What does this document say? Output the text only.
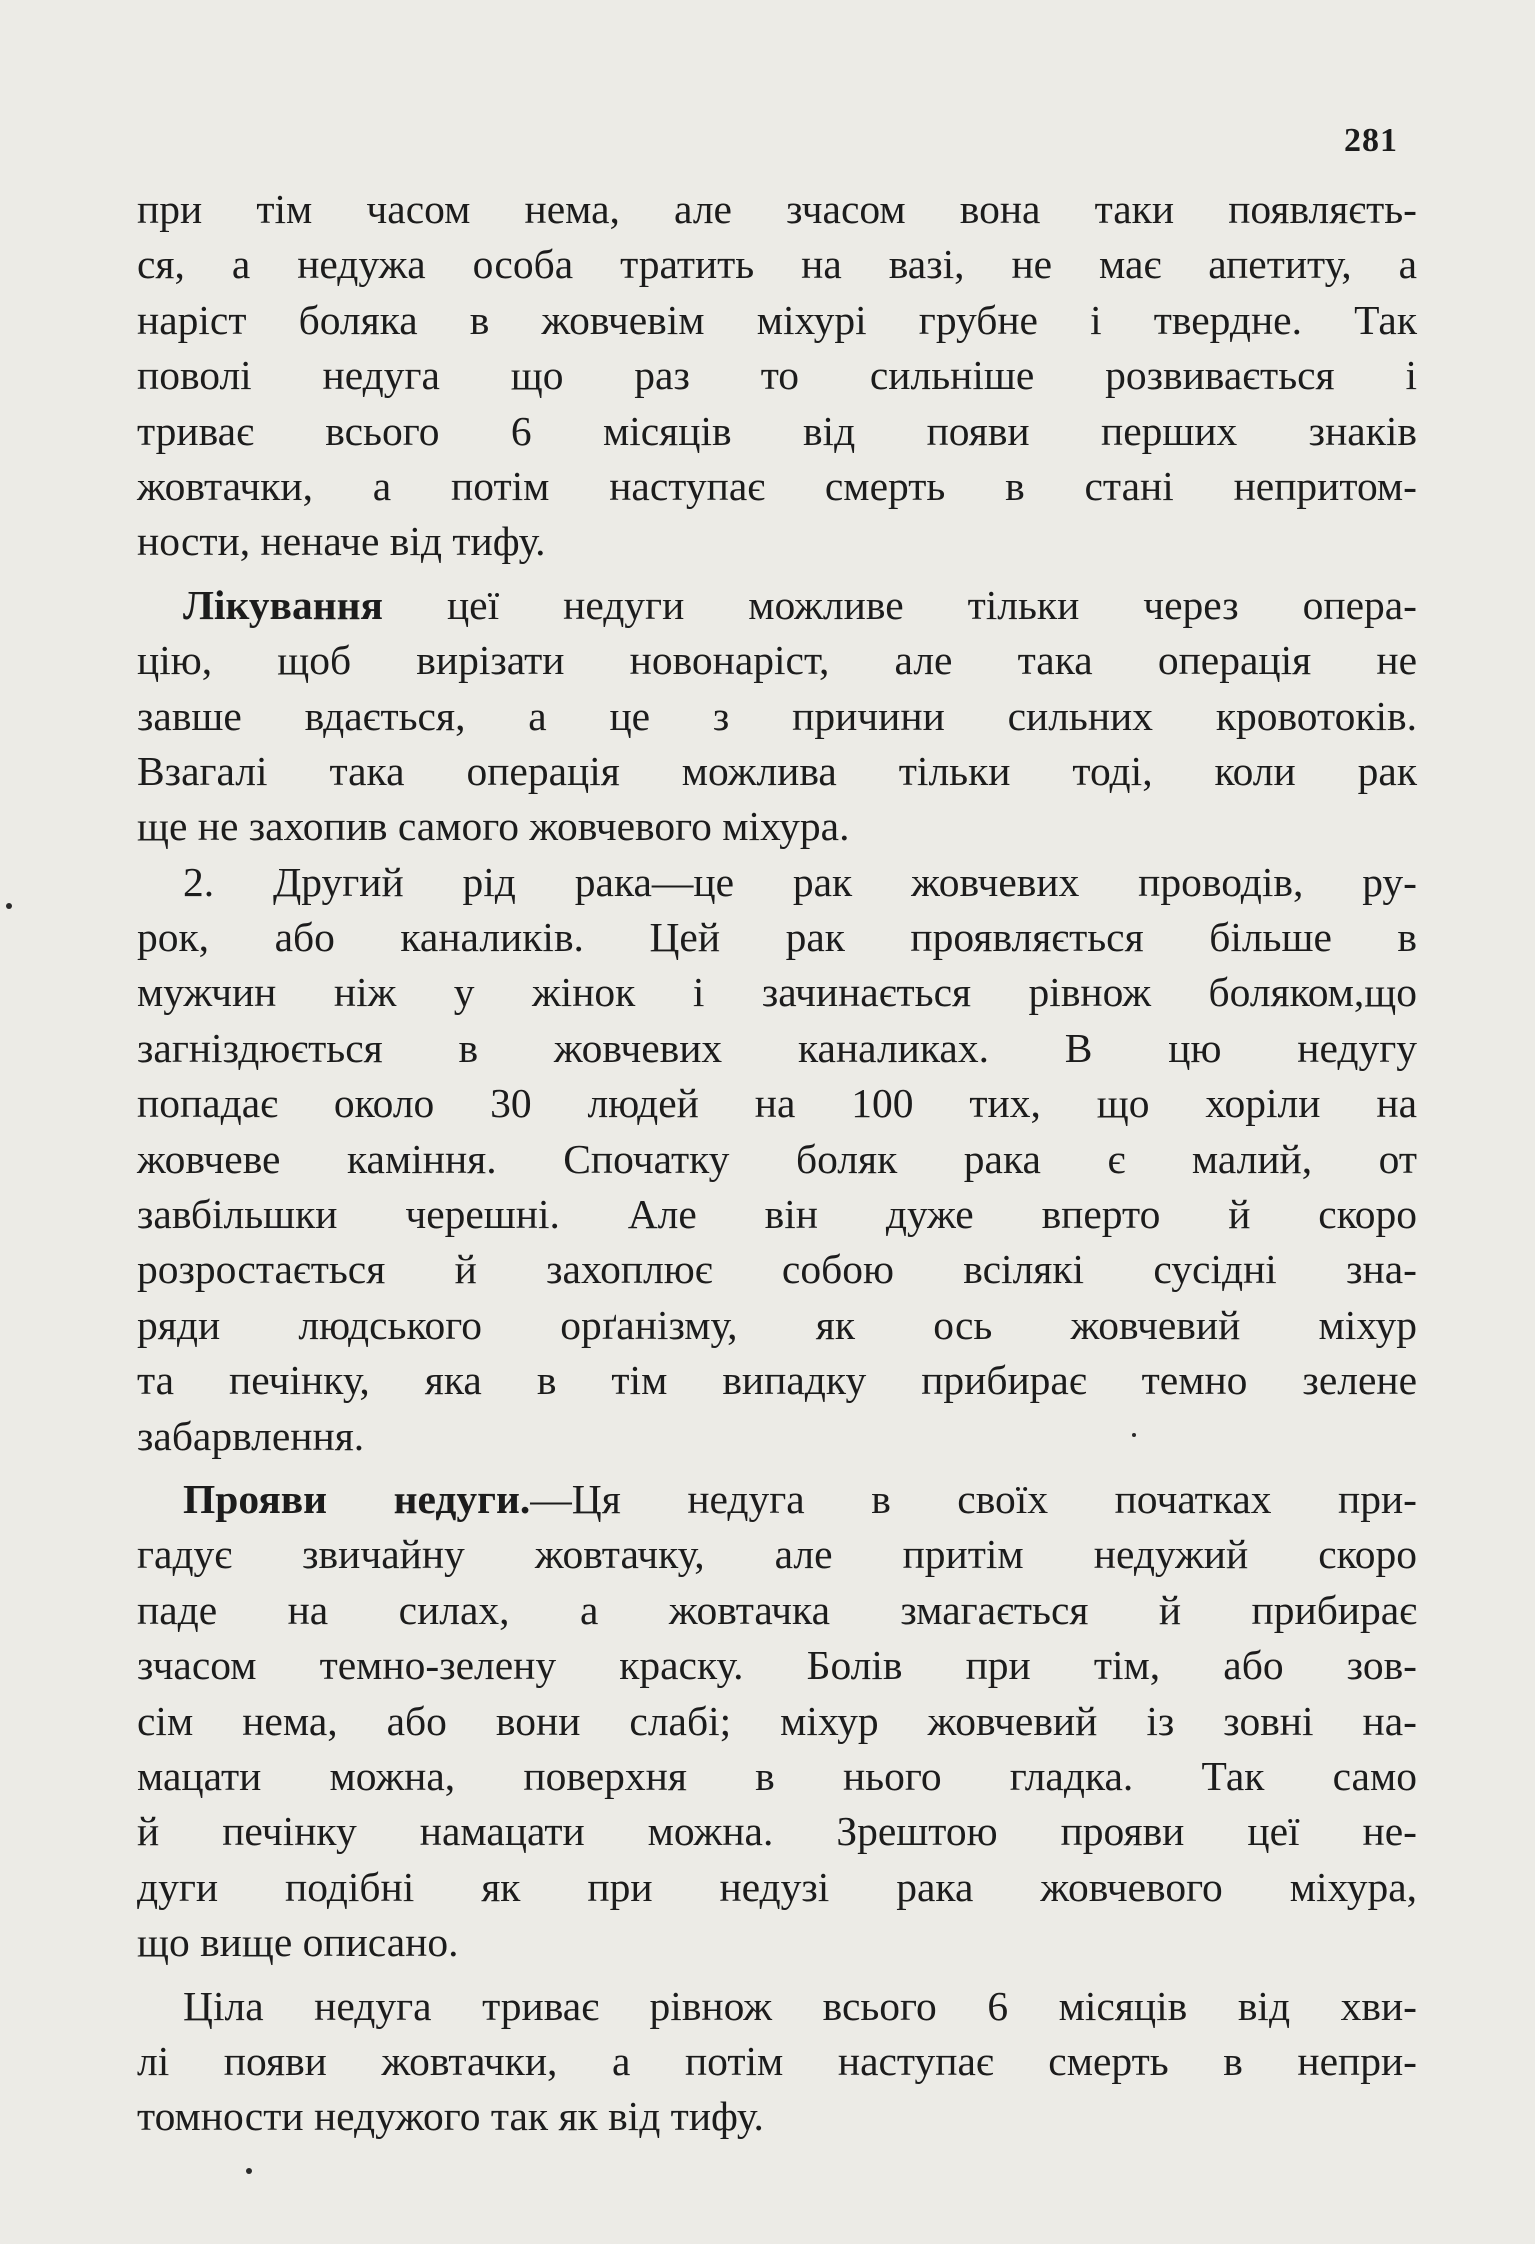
281
при тім часом нема, але зчасом вона таки появляєть-
ся, а недужа особа тратить на вазі, не має апетиту, а
наріст боляка в жовчевім міхурі грубне і твердне. Так
поволі недуга що раз то сильніше розвивається і
триває всього 6 місяців від появи перших знаків
жовтачки, а потім наступає смерть в стані непритом-
ности, неначе від тифу.
Лікування цеї недуги можливе тільки через опера-
цію, щоб вирізати новонаріст, але така операція не
завше вдається, а це з причини сильних кровотоків.
Взагалі така операція можлива тільки тоді, коли рак
ще не захопив самого жовчевого міхура.
2. Другий рід рака—це рак жовчевих проводів, ру-
рок, або каналиків. Цей рак проявляється більше в
мужчин ніж у жінок і зачинається рівнож боляком,що
загніздюється в жовчевих каналиках. В цю недугу
попадає около 30 людей на 100 тих, що хоріли на
жовчеве каміння. Спочатку боляк рака є малий, от
завбільшки черешні. Але він дуже вперто й скоро
розростається й захоплює собою всілякі сусідні зна-
ряди людського орґанізму, як ось жовчевий міхур
та печінку, яка в тім випадку прибирає темно зелене
забарвлення.
Прояви недуги.—Ця недуга в своїх початках при-
гадує звичайну жовтачку, але притім недужий скоро
паде на силах, а жовтачка змагається й прибирає
зчасом темно-зелену краску. Болів при тім, або зов-
сім нема, або вони слабі; міхур жовчевий із зовні на-
мацати можна, поверхня в нього гладка. Так само
й печінку намацати можна. Зрештою прояви цеї не-
дуги подібні як при недузі рака жовчевого міхура,
що вище описано.
Ціла недуга триває рівнож всього 6 місяців від хви-
лі появи жовтачки, а потім наступає смерть в непри-
томности недужого так як від тифу.
